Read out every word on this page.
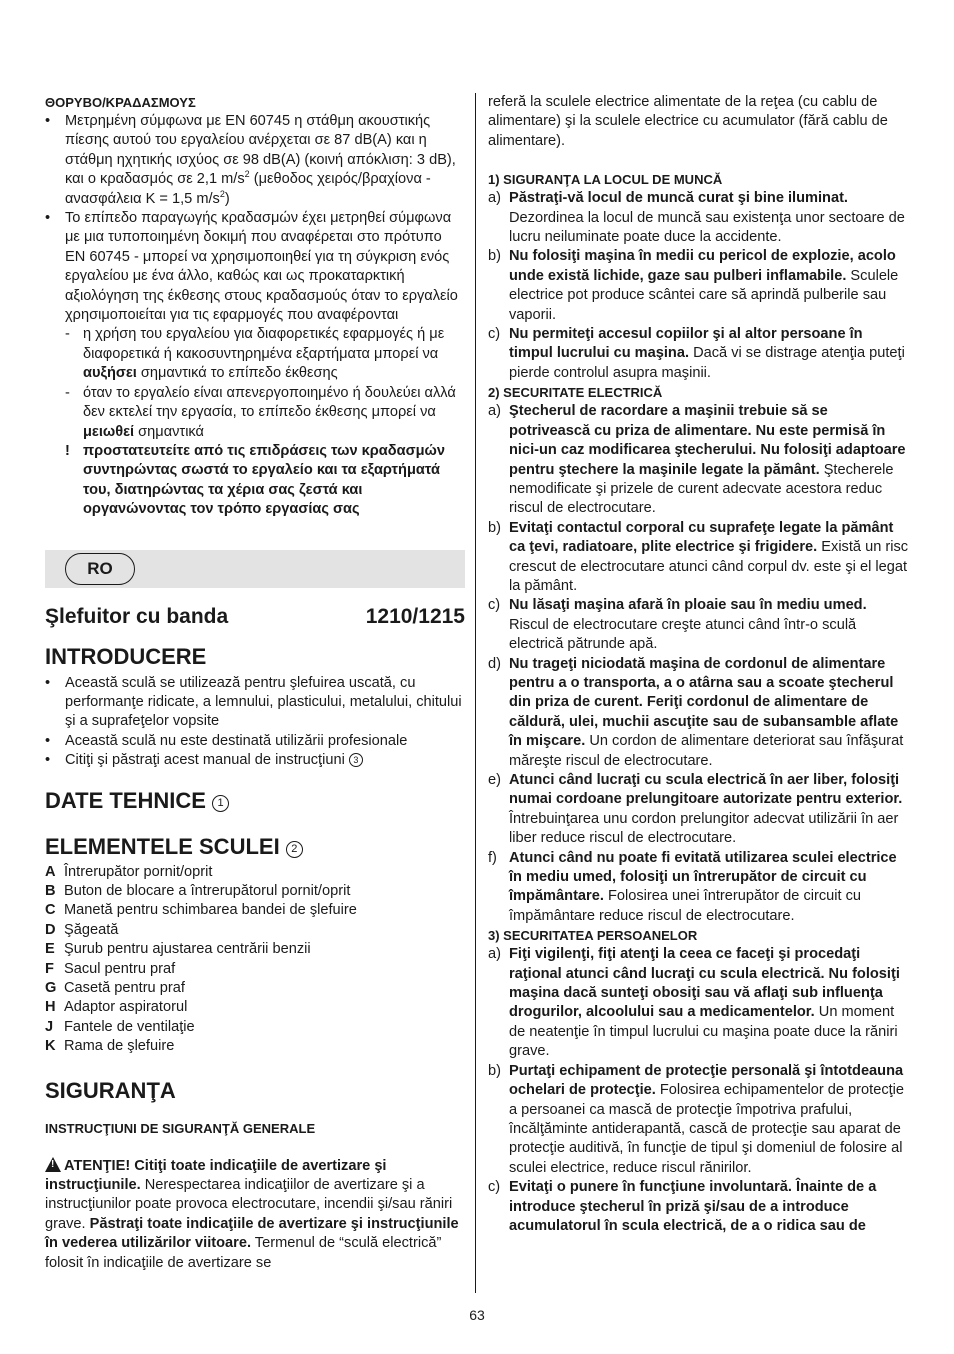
ΘΟΡΥΒΟ/ΚΡΑΔΑΣΜΟΥΣ

• Μετρημένη σύμφωνα με EN 60745 η στάθμη ακουστικής πίεσης αυτού του εργαλείου ανέρχεται σε 87 dB(A) και η στάθμη ηχητικής ισχύος σε 98 dB(A) (κοινή απόκλιση: 3 dB), και ο κραδασμός σε 2,1 $m/s^2$ (μεθοδος χειρός/βραχίονα - ανασφάλεια K = 1,5 $m/s^2$)
• Το επίπεδο παραγωγής κραδασμών έχει μετρηθεί σύμφωνα με μια τυποποιημένη δοκιμή που αναφέρεται στο πρότυπο EN 60745 - μπορεί να χρησιμοποιηθεί για τη σύγκριση ενός εργαλείου με ένα άλλο, καθώς και ως προκαταρκτική αξιολόγηση της έκθεσης στους κραδασμούς όταν το εργαλείο χρησιμοποιείται για τις εφαρμογές που αναφέρονται
- η χρήση του εργαλείου για διαφορετικές εφαρμογές ή με διαφορετικά ή κακοσυντηρημένα εξαρτήματα μπορεί να αυξήσει σημαντικά το επίπεδο έκθεσης
- όταν το εργαλείο είναι απενεργοποιημένο ή δουλεύει αλλά δεν εκτελεί την εργασία, το επίπεδο έκθεσης μπορεί να μειωθεί σημαντικά
! προστατευτείτε από τις επιδράσεις των κραδασμών συντηρώντας σωστά το εργαλείο και τα εξαρτήματά του, διατηρώντας τα χέρια σας ζεστά και οργανώνοντας τον τρόπο εργασίας σας
RO
Şlefuitor cu banda	1210/1215
INTRODUCERE
• Această sculă se utilizează pentru şlefuirea uscată, cu performanţe ridicate, a lemnului, plasticului, metalului, chitului şi a suprafeţelor vopsite
• Această sculă nu este destinată utilizării profesionale
• Citiţi şi păstraţi acest manual de instrucţiuni 3
DATE TEHNICE 1
ELEMENTELE SCULEI 2
A Întrerupător pornit/oprit
B Buton de blocare a întrerupătorul pornit/oprit
C Manetă pentru schimbarea bandei de şlefuire
D Şăgeată
E Şurub pentru ajustarea centrării benzii
F Sacul pentru praf
G Casetă pentru praf
H Adaptor aspiratorul
J Fantele de ventilaţie
K Rama de şlefuire
SIGURANŢA

INSTRUCŢIUNI DE SIGURANŢĂ GENERALE

!ATENŢIE! Citiţi toate indicaţiile de avertizare şi instrucţiunile. Nerespectarea indicaţiilor de avertizare şi a instrucţiunilor poate provoca electrocutare, incendii şi/sau răniri grave. Păstraţi toate indicaţiile de avertizare şi instrucţiunile în vederea utilizărilor viitoare. Termenul de “sculă electrică” folosit în indicaţiile de avertizare se

referă la sculele electrice alimentate de la reţea (cu cablu de alimentare) şi la sculele electrice cu acumulator (fără cablu de alimentare).

1) SIGURANŢA LA LOCUL DE MUNCĂ

a) Păstraţi-vă locul de muncă curat şi bine iluminat. Dezordinea la locul de muncă sau existenţa unor sectoare de lucru neiluminate poate duce la accidente.
b) Nu folosiţi maşina în medii cu pericol de explozie, acolo unde există lichide, gaze sau pulberi inflamabile. Sculele electrice pot produce scântei care să aprindă pulberile sau vaporii.
c) Nu permiteţi accesul copiilor şi al altor persoane în timpul lucrului cu maşina. Dacă vi se distrage atenţia puteţi pierde controlul asupra maşinii.

2) SECURITATE ELECTRICĂ

a) Ştecherul de racordare a maşinii trebuie să se potrivească cu priza de alimentare. Nu este permisă în nici-un caz modificarea ştecherului. Nu folosiţi adaptoare pentru ştechere la maşinile legate la pământ. Ştecherele nemodificate şi prizele de curent adecvate acestora reduc riscul de electrocutare.
b) Evitaţi contactul corporal cu suprafeţe legate la pământ ca ţevi, radiatoare, plite electrice şi frigidere. Există un risc crescut de electrocutare atunci când corpul dv. este şi el legat la pământ.
c) Nu lăsaţi maşina afară în ploaie sau în mediu umed. Riscul de electrocutare creşte atunci când într-o sculă electrică pătrunde apă.
d) Nu trageţi niciodată maşina de cordonul de alimentare pentru a o transporta, a o atârna sau a scoate ştecherul din priza de curent. Feriţi cordonul de alimentare de căldură, ulei, muchii ascuţite sau de subansamble aflate în mişcare. Un cordon de alimentare deteriorat sau înfăşurat măreşte riscul de electrocutare.
e) Atunci când lucraţi cu scula electrică în aer liber, folosiţi numai cordoane prelungitoare autorizate pentru exterior. Întrebuinţarea unu cordon prelungitor adecvat utilizării în aer liber reduce riscul de electrocutare.
f) Atunci când nu poate fi evitată utilizarea sculei electrice în mediu umed, folosiţi un întrerupător de circuit cu împământare. Folosirea unei întrerupător de circuit cu împământare reduce riscul de electrocutare.

3) SECURITATEA PERSOANELOR

a) Fiţi vigilenţi, fiţi atenţi la ceea ce faceţi şi procedaţi raţional atunci când lucraţi cu scula electrică. Nu folosiţi maşina dacă sunteţi obosiţi sau vă aflaţi sub influenţa drogurilor, alcoolului sau a medicamentelor. Un moment de neatenţie în timpul lucrului cu maşina poate duce la răniri grave.
b) Purtaţi echipament de protecţie personală şi întotdeauna ochelari de protecţie. Folosirea echipamentelor de protecţie a persoanei ca mască de protecţie împotriva prafului, încălţăminte antiderapantă, cască de protecţie sau aparat de protecţie auditivă, în funcţie de tipul şi domeniul de folosire al sculei electrice, reduce riscul rănirilor.
c) Evitaţi o punere în funcţiune involuntară. Înainte de a introduce ştecherul în priză şi/sau de a introduce acumulatorul în scula electrică, de a o ridica sau de
63
